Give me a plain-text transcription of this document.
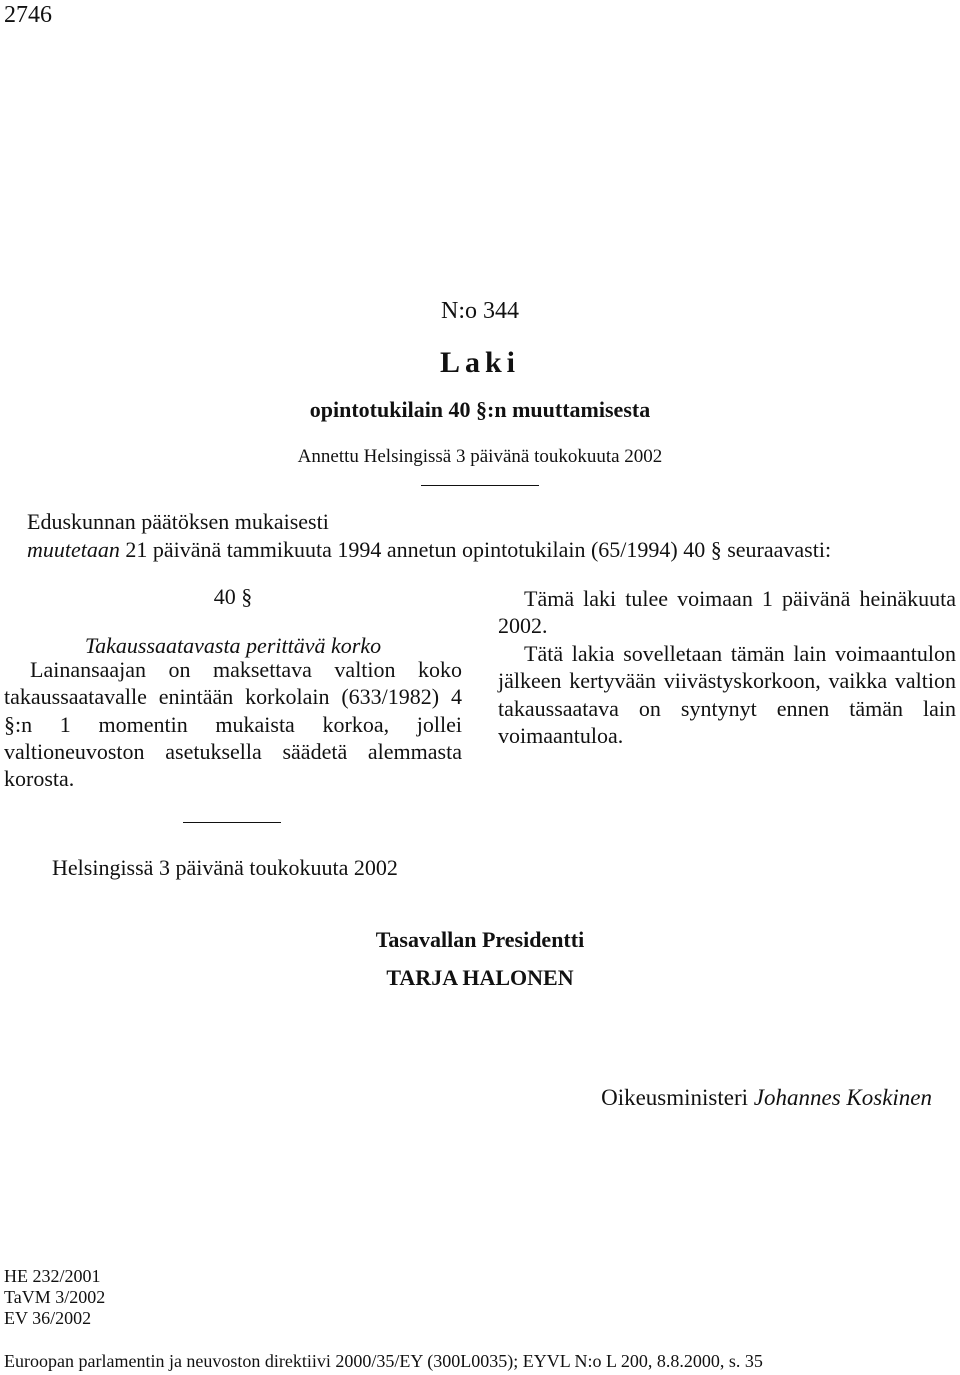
2746
N:o 344
Laki
opintotukilain 40 §:n muuttamisesta
Annettu Helsingissä 3 päivänä toukokuuta 2002
Eduskunnan päätöksen mukaisesti
muutetaan 21 päivänä tammikuuta 1994 annetun opintotukilain (65/1994) 40 § seuraavasti:
40 §
Takaussaatavasta perittävä korko
Lainansaajan on maksettava valtion koko takaussaatavalle enintään korkolain (633/1982) 4 §:n 1 momentin mukaista korkoa, jollei valtioneuvoston asetuksella säädetä alemmasta korosta.
Tämä laki tulee voimaan 1 päivänä heinäkuuta 2002.
Tätä lakia sovelletaan tämän lain voimaantulon jälkeen kertyvään viivästyskorkoon, vaikka valtion takaussaatava on syntynyt ennen tämän lain voimaantuloa.
Helsingissä 3 päivänä toukokuuta 2002
Tasavallan Presidentti
TARJA HALONEN
Oikeusministeri Johannes Koskinen
HE 232/2001
TaVM 3/2002
EV 36/2002
Euroopan parlamentin ja neuvoston direktiivi 2000/35/EY (300L0035); EYVL N:o L 200, 8.8.2000, s. 35
